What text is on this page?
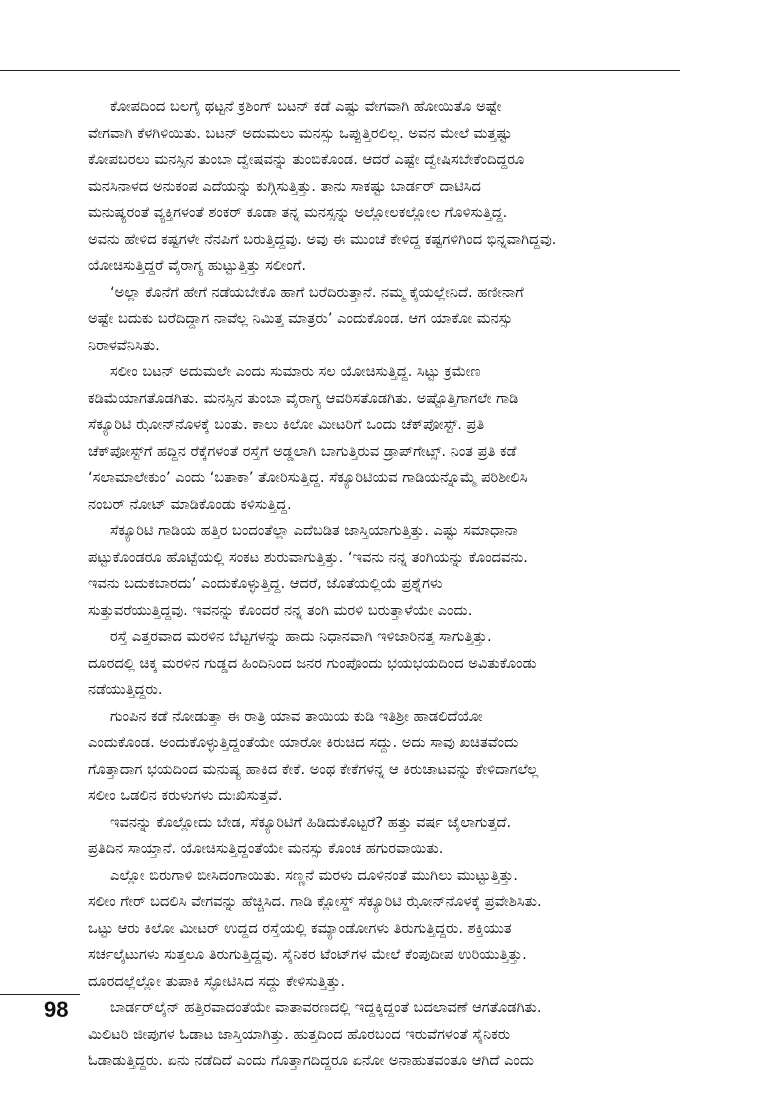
ಕೋಪದಿಂದ ಬಲಗೈ ಥಟ್ಟನೆ ಕ್ರಶಿಂಗ್ ಬಟನ್ ಕಡೆ ಎಷ್ಟು ವೇಗವಾಗಿ ಹೋಯಿತೊ ಅಷ್ಟೇ
ವೇಗವಾಗಿ ಕೆಳಗಿಳಿಯಿತು. ಬಟನ್ ಅದುಮಲು ಮನಸ್ಸು ಒಪ್ಪುತ್ತಿರಲಿಲ್ಲ. ಅವನ ಮೇಲೆ ಮತ್ತಷ್ಟು
ಕೋಪಬರಲು ಮನಸ್ಸಿನ ತುಂಬಾ ದ್ವೇಷವನ್ನು ತುಂಬಿಕೊಂಡ. ಆದರೆ ಎಷ್ಟೇ ದ್ವೇಷಿಸಬೇಕೆಂದಿದ್ದರೂ
ಮನಸಿನಾಳದ ಅನುಕಂಪ ಎದೆಯನ್ನು ಕುಗ್ಗಿಸುತ್ತಿತ್ತು. ತಾನು ಸಾಕಷ್ಟು ಬಾರ್ಡರ್ ದಾಟಿಸಿದ
ಮನುಷ್ಯರಂತೆ ವ್ಯಕ್ತಿಗಳಂತೆ ಶಂಕರ್ ಕೂಡಾ ತನ್ನ ಮನಸ್ಸನ್ನು ಅಲ್ಲೋಲಕಲ್ಲೋಲ ಗೊಳಿಸುತ್ತಿದ್ದ.
ಅವನು ಹೇಳಿದ ಕಷ್ಟಗಳೇ ನೆನಪಿಗೆ ಬರುತ್ತಿದ್ದವು. ಅವು ಈ ಮುಂಚೆ ಕೇಳಿದ್ದ ಕಷ್ಟಗಳಿಗಿಂದ ಭಿನ್ನವಾಗಿದ್ದವು.
ಯೋಚಿಸುತ್ತಿದ್ದರೆ ವೈರಾಗ್ಯ ಹುಟ್ಟುತ್ತಿತ್ತು ಸಲೀಂಗೆ.
‘ಅಲ್ಲಾ ಕೊನೆಗೆ ಹೇಗೆ ನಡೆಯಬೇಕೊ ಹಾಗೆ ಬರೆದಿರುತ್ತಾನೆ. ನಮ್ಮ ಕೈಯಲ್ಲೇನಿದೆ. ಹಣೀನಾಗೆ
ಅಷ್ಟೇ ಬದುಕು ಬರೆದಿದ್ದಾಗ ನಾವೆಲ್ಲ ನಿಮಿತ್ತ ಮಾತ್ರರು’ ಎಂದುಕೊಂಡ. ಆಗ ಯಾಕೋ ಮನಸ್ಸು
ನಿರಾಳವೆನಿಸಿತು.
ಸಲೀಂ ಬಟನ್ ಅದುಮಲೇ ಎಂದು ಸುಮಾರು ಸಲ ಯೋಚಿಸುತ್ತಿದ್ದ. ಸಿಟ್ಟು ಕ್ರಮೇಣ
ಕಡಿಮೆಯಾಗತೊಡಗಿತು. ಮನಸ್ಸಿನ ತುಂಬಾ ವೈರಾಗ್ಯ ಆವರಿಸತೊಡಗಿತು. ಅಷ್ಟೊತ್ತಿಗಾಗಲೇ ಗಾಡಿ
ಸೆಕ್ಯೂರಿಟಿ ಝೋನ್‌ನೊಳಕ್ಕೆ ಬಂತು. ಕಾಲು ಕಿಲೋ ಮೀಟರಿಗೆ ಒಂದು ಚೆಕ್‌ಪೋಸ್ಟ್. ಪ್ರತಿ
ಚೆಕ್‌ಪೋಸ್ಟ್‌ಗೆ ಹದ್ದಿನ ರೆಕ್ಕೆಗಳಂತೆ ರಸ್ತೆಗೆ ಅಡ್ಡಲಾಗಿ ಬಾಗುತ್ತಿರುವ ಡ್ರಾಪ್‌ಗೇಟ್ಸ್. ನಿಂತ ಪ್ರತಿ ಕಡೆ
‘ಸಲಾಮಾಲೇಕುಂ’ ಎಂದು ‘ಬತಾಕಾ’ ತೋರಿಸುತ್ತಿದ್ದ. ಸೆಕ್ಯೂರಿಟಿಯವ ಗಾಡಿಯನ್ನೊಮ್ಮೆ ಪರಿಶೀಲಿಸಿ
ನಂಬರ್ ನೋಟ್ ಮಾಡಿಕೊಂಡು ಕಳಿಸುತ್ತಿದ್ದ.
ಸೆಕ್ಯೂರಿಟಿ ಗಾಡಿಯ ಹತ್ತಿರ ಬಂದಂತೆಲ್ಲಾ ಎದೆಬಡಿತ ಜಾಸ್ತಿಯಾಗುತ್ತಿತ್ತು. ಎಷ್ಟು ಸಮಾಧಾನಾ
ಪಟ್ಟುಕೊಂಡರೂ ಹೊಟ್ಟೆಯಲ್ಲಿ ಸಂಕಟ ಶುರುವಾಗುತ್ತಿತ್ತು. ‘ಇವನು ನನ್ನ ತಂಗಿಯನ್ನು ಕೊಂದವನು.
ಇವನು ಬದುಕಬಾರದು’ ಎಂದುಕೊಳ್ಳುತ್ತಿದ್ದ. ಆದರೆ, ಜೊತೆಯಲ್ಲಿಯೆ ಪ್ರಶ್ನೆಗಳು
ಸುತ್ತುವರೆಯುತ್ತಿದ್ದವು. ಇವನನ್ನು ಕೊಂದರೆ ನನ್ನ ತಂಗಿ ಮರಳಿ ಬರುತ್ತಾಳೆಯೇ ಎಂದು.
ರಸ್ತೆ ಎತ್ತರವಾದ ಮರಳಿನ ಬೆಟ್ಟಗಳನ್ನು ಹಾದು ನಿಧಾನವಾಗಿ ಇಳಿಜಾರಿನತ್ತ ಸಾಗುತ್ತಿತ್ತು.
ದೂರದಲ್ಲಿ ಚಿಕ್ಕ ಮರಳಿನ ಗುಡ್ಡದ ಹಿಂದಿನಿಂದ ಜನರ ಗುಂಪೊಂದು ಭಯಭಯದಿಂದ ಅವಿತುಕೊಂಡು
ನಡೆಯುತ್ತಿದ್ದರು.
ಗುಂಪಿನ ಕಡೆ ನೋಡುತ್ತಾ ಈ ರಾತ್ರಿ ಯಾವ ತಾಯಿಯ ಕುಡಿ ಇತಿಶ್ರೀ ಹಾಡಲಿದೆಯೋ
ಎಂದುಕೊಂಡ. ಅಂದುಕೊಳ್ಳುತ್ತಿದ್ದಂತೆಯೇ ಯಾರೋ ಕಿರುಚಿದ ಸದ್ದು. ಅದು ಸಾವು ಖಚಿತವೆಂದು
ಗೊತ್ತಾದಾಗ ಭಯದಿಂದ ಮನುಷ್ಯ ಹಾಕಿದ ಕೇಕೆ. ಅಂಥ ಕೇಕೆಗಳನ್ನ ಆ ಕಿರುಚಾಟವನ್ನು ಕೇಳಿದಾಗಲೆಲ್ಲ
ಸಲೀಂ ಒಡಲಿನ ಕರುಳುಗಳು ದುಃಖಿಸುತ್ತವೆ.
ಇವನನ್ನು ಕೊಲ್ಲೋದು ಬೇಡ, ಸೆಕ್ಯೂರಿಟಿಗೆ ಹಿಡಿದುಕೊಟ್ಟರೆ? ಹತ್ತು ವರ್ಷ ಜೈಲಾಗುತ್ತದೆ.
ಪ್ರತಿದಿನ ಸಾಯ್ತಾನೆ. ಯೋಚಿಸುತ್ತಿದ್ದಂತೆಯೇ ಮನಸ್ಸು ಕೊಂಚ ಹಗುರವಾಯಿತು.
ಎಲ್ಲೋ ಬಿರುಗಾಳಿ ಬೀಸಿದಂಗಾಯಿತು. ಸಣ್ಣನೆ ಮರಳು ದೂಳಿನಂತೆ ಮುಗಿಲು ಮುಟ್ಟುತ್ತಿತ್ತು.
ಸಲೀಂ ಗೇರ್ ಬದಲಿಸಿ ವೇಗವನ್ನು ಹೆಚ್ಚಿಸಿದ. ಗಾಡಿ ಕ್ಲೋಸ್ಡ್ ಸೆಕ್ಯೂರಿಟಿ ಝೋನ್‌ನೊಳಕ್ಕೆ ಪ್ರವೇಶಿಸಿತು.
ಒಟ್ಟು ಆರು ಕಿಲೋ ಮೀಟರ್ ಉದ್ದದ ರಸ್ತೆಯಲ್ಲಿ ಕಮ್ಯಾಂಡೋಗಳು ತಿರುಗುತ್ತಿದ್ದರು. ಶಕ್ತಿಯುತ
ಸರ್ಚಲೈಟುಗಳು ಸುತ್ತಲೂ ತಿರುಗುತ್ತಿದ್ದವು. ಸೈನಿಕರ ಟೆಂಟ್‌ಗಳ ಮೇಲೆ ಕೆಂಪುದೀಪ ಉರಿಯುತ್ತಿತ್ತು.
ದೂರದಲ್ಲೆಲ್ಲೋ ತುಪಾಕಿ ಸ್ಫೋಟಿಸಿದ ಸದ್ದು ಕೇಳಿಸುತ್ತಿತ್ತು.
ಬಾರ್ಡರ್‌ಲೈನ್ ಹತ್ತಿರವಾದಂತೆಯೇ ವಾತಾವರಣದಲ್ಲಿ ಇದ್ದಕ್ಕಿದ್ದಂತೆ ಬದಲಾವಣೆ ಆಗತೊಡಗಿತು.
ಮಿಲಿಟರಿ ಜೀಪುಗಳ ಓಡಾಟ ಜಾಸ್ತಿಯಾಗಿತ್ತು. ಹುತ್ತದಿಂದ ಹೊರಬಂದ ಇರುವೆಗಳಂತೆ ಸೈನಿಕರು
ಓಡಾಡುತ್ತಿದ್ದರು. ಏನು ನಡೆದಿದೆ ಎಂದು ಗೊತ್ತಾಗದಿದ್ದರೂ ಏನೋ ಅನಾಹುತವಂತೂ ಆಗಿದೆ ಎಂದು
98
